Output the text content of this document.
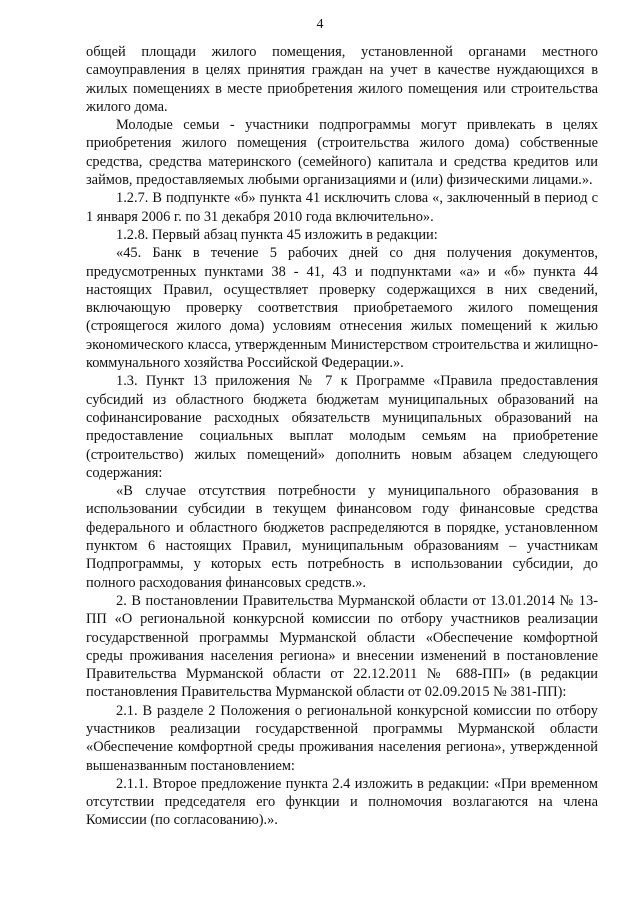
4

общей площади жилого помещения, установленной органами местного самоуправления в целях принятия граждан на учет в качестве нуждающихся в жилых помещениях в месте приобретения жилого помещения или строительства жилого дома.

Молодые семьи - участники подпрограммы могут привлекать в целях приобретения жилого помещения (строительства жилого дома) собственные средства, средства материнского (семейного) капитала и средства кредитов или займов, предоставляемых любыми организациями и (или) физическими лицами.».

1.2.7. В подпункте «б» пункта 41 исключить слова «, заключенный в период с 1 января 2006 г. по 31 декабря 2010 года включительно».

1.2.8. Первый абзац пункта 45 изложить в редакции:

«45. Банк в течение 5 рабочих дней со дня получения документов, предусмотренных пунктами 38 - 41, 43 и подпунктами «а» и «б» пункта 44 настоящих Правил, осуществляет проверку содержащихся в них сведений, включающую проверку соответствия приобретаемого жилого помещения (строящегося жилого дома) условиям отнесения жилых помещений к жилью экономического класса, утвержденным Министерством строительства и жилищно-коммунального хозяйства Российской Федерации.».

1.3. Пункт 13 приложения № 7 к Программе «Правила предоставления субсидий из областного бюджета бюджетам муниципальных образований на софинансирование расходных обязательств муниципальных образований на предоставление социальных выплат молодым семьям на приобретение (строительство) жилых помещений» дополнить новым абзацем следующего содержания:

«В случае отсутствия потребности у муниципального образования в использовании субсидии в текущем финансовом году финансовые средства федерального и областного бюджетов распределяются в порядке, установленном пунктом 6 настоящих Правил, муниципальным образованиям – участникам Подпрограммы, у которых есть потребность в использовании субсидии, до полного расходования финансовых средств.».

2. В постановлении Правительства Мурманской области от 13.01.2014 № 13-ПП «О региональной конкурсной комиссии по отбору участников реализации государственной программы Мурманской области «Обеспечение комфортной среды проживания населения региона» и внесении изменений в постановление Правительства Мурманской области от 22.12.2011 № 688-ПП» (в редакции постановления Правительства Мурманской области от 02.09.2015 № 381-ПП):

2.1. В разделе 2 Положения о региональной конкурсной комиссии по отбору участников реализации государственной программы Мурманской области «Обеспечение комфортной среды проживания населения региона», утвержденной вышеназванным постановлением:

2.1.1. Второе предложение пункта 2.4 изложить в редакции: «При временном отсутствии председателя его функции и полномочия возлагаются на члена Комиссии (по согласованию).».
